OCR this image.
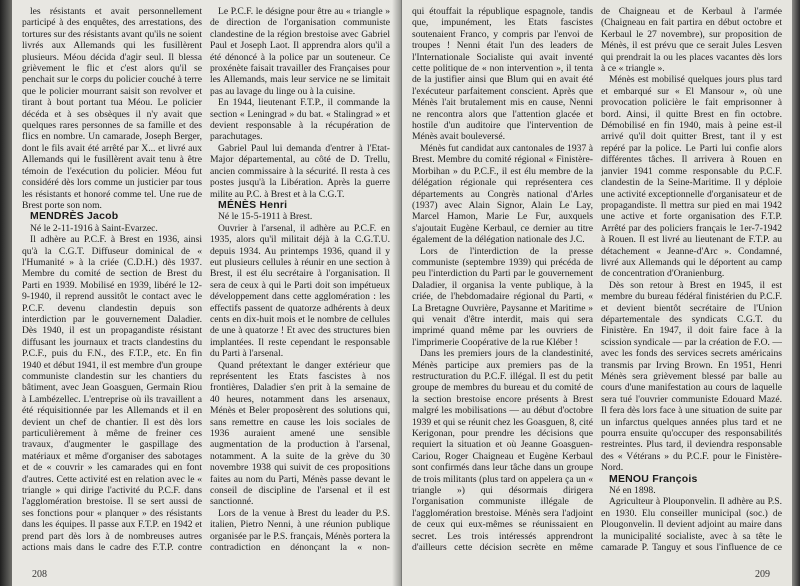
les résistants et avait personnellement participé à des enquêtes, des arrestations, des tortures sur des résistants avant qu'ils ne soient livrés aux Allemands qui les fusillèrent plusieurs. Méou décida d'agir seul. Il blessa grièvement le flic et c'est alors qu'il se penchait sur le corps du policier couché à terre que le policier mourrant saisit son revolver et tirant à bout portant tua Méou. Le policier décéda et à ses obsèques il n'y avait que quelques rares personnes de sa famille et des flics en nombre. Un camarade, Joseph Berger, dont le fils avait été arrêté par X... et livré aux Allemands qui le fusillèrent avait tenu à être témoin de l'exécution du policier. Méou fut considéré dès lors comme un justicier par tous les résistants et honoré comme tel. Une rue de Brest porte son nom.

MENDRÈS Jacob

Né le 2-11-1916 à Saint-Evarzec.

Il adhère au P.C.F. à Brest en 1936, ainsi qu'à la C.G.T. Diffuseur dominical de « l'Humanité » à la criée (C.D.H.) dès 1937. Membre du comité de section de Brest du Parti en 1939. Mobilisé en 1939, libéré le 12-9-1940, il reprend aussitôt le contact avec le P.C.F. devenu clandestin depuis son interdiction par le gouvernement Daladier. Dès 1940, il est un propagandiste résistant diffusant les journaux et tracts clandestins du P.C.F., puis du F.N., des F.T.P., etc. En fin 1940 et début 1941, il est membre d'un groupe communiste clandestin sur les chantiers du bâtiment, avec Jean Goasguen, Germain Riou à Lambézellec. L'entreprise où ils travaillent a été réquisitionnée par les Allemands et il en devient un chef de chantier. Il est dès lors particulièrement à même de freiner ces travaux, d'augmenter le gaspillage des matériaux et même d'organiser des sabotages et de « couvrir » les camarades qui en font d'autres. Cette activité est en relation avec le « triangle » qui dirige l'activité du P.C.F. dans l'agglomération brestoise. Il se sert aussi de ses fonctions pour « planquer » des résistants dans les équipes. Il passe aux F.T.P. en 1942 et prend part dès lors à de nombreuses autres actions mais dans le cadre des F.T.P. contre

Le P.C.F. le désigne pour être au « triangle » de direction de l'organisation communiste clandestine de la région brestoise avec Gabriel Paul et Joseph Laot. Il apprendra alors qu'il a été dénoncé à la police par un souteneur. Ce proxénète faisait travailler des Françaises pour les Allemands, mais leur service ne se limitait pas au lavage du linge ou à la cuisine.

En 1944, lieutenant F.T.P., il commande la section « Leningrad » du bat. « Stalingrad » et devient responsable à la récupération de parachutages.

Gabriel Paul lui demanda d'entrer à l'Etat-Major départemental, au côté de D. Trellu, ancien commissaire à la sécurité. Il resta à ces postes jusqu'à la Libération. Après la guerre milite au P.C. à Brest et à la C.G.T.

MÉNÈS Henri

Né le 15-5-1911 à Brest.

Ouvrier à l'arsenal, il adhère au P.C.F. en 1935, alors qu'il militait déjà à la C.G.T.U. depuis 1934. Au printemps 1936, quand il y eut plusieurs cellules à réunir en une section à Brest, il est élu secrétaire à l'organisation. Il sera de ceux à qui le Parti doit son impétueux développement dans cette agglomération : les effectifs passent de quatorze adhérents à deux cents en dix-huit mois et le nombre de cellules de une à quatorze ! Et avec des structures bien implantées. Il reste cependant le responsable du Parti à l'arsenal.

Quand prétextant le danger extérieur que représentent les Etats fascistes à nos frontières, Daladier s'en prit à la semaine de 40 heures, notamment dans les arsenaux, Ménès et Beler proposèrent des solutions qui, sans remettre en cause les lois sociales de 1936 auraient amené une sensible augmentation de la production à l'arsenal, notamment. A la suite de la grève du 30 novembre 1938 qui suivit de ces propositions faites au nom du Parti, Ménès passe devant le conseil de discipline de l'arsenal et il est sanctionné.

Lors de la venue à Brest du leader du P.S. italien, Pietro Nenni, à une réunion publique organisée par le P.S. français, Ménès portera la contradiction en dénonçant la « non-

208

qui étouffait la république espagnole, tandis que, impunément, les Etats fascistes soutenaient Franco, y compris par l'envoi de troupes ! Nenni était l'un des leaders de l'Internationale Socialiste qui avait inventé cette politique de « non intervention », il tenta de la justifier ainsi que Blum qui en avait été l'exécuteur parfaitement conscient. Après que Ménès l'ait brutalement mis en cause, Nenni ne rencontra alors que l'attention glacée et hostile d'un auditoire que l'intervention de Ménès avait bouleversé.

Ménès fut candidat aux cantonales de 1937 à Brest. Membre du comité régional « Finistère-Morbihan » du P.C.F., il est élu membre de la délégation régionale qui représentera ces départements au Congrès national d'Arles (1937) avec Alain Signor, Alain Le Lay, Marcel Hamon, Marie Le Fur, auxquels s'ajoutait Eugène Kerbaul, ce dernier au titre également de la délégation nationale des J.C.

Lors de l'interdiction de la presse communiste (septembre 1939) qui précéda de peu l'interdiction du Parti par le gouvernement Daladier, il organisa la vente publique, à la criée, de l'hebdomadaire régional du Parti, « La Bretagne Ouvrière, Paysanne et Maritime » qui venait d'être interdit, mais qui sera imprimé quand même par les ouvriers de l'imprimerie Coopérative de la rue Kléber !

Dans les premiers jours de la clandestinité, Ménès participe aux premiers pas de la restructuration du P.C.F. illégal. Il est du petit groupe de membres du bureau et du comité de la section brestoise encore présents à Brest malgré les mobilisations — au début d'octobre 1939 et qui se réunit chez les Goasguen, 8, cité Kerigonan, pour prendre les décisions que requiert la situation et où Jeanne Goasguen-Cariou, Roger Chaigneau et Eugène Kerbaul sont confirmés dans leur tâche dans un groupe de trois militants (plus tard on appelera ça un « triangle ») qui désormais dirigera l'organisation communiste illégale de l'agglomération brestoise. Ménès sera l'adjoint de ceux qui eux-mêmes se réunissaient en secret. Les trois intéressés apprendront d'ailleurs cette décision secrète en même

de Chaigneau et de Kerbaul à l'armée (Chaigneau en fait partira en début octobre et Kerbaul le 27 novembre), sur proposition de Ménès, il est prévu que ce serait Jules Lesven qui prendrait la ou les places vacantes dès lors à ce « triangle ».

Ménès est mobilisé quelques jours plus tard et embarqué sur « El Mansour », où une provocation policière le fait emprisonner à bord. Ainsi, il quitte Brest en fin octobre. Démobilisé en fin 1940, mais à peine est-il arrivé qu'il doit quitter Brest, tant il y est repéré par la police. Le Parti lui confie alors différentes tâches. Il arrivera à Rouen en janvier 1941 comme responsable du P.C.F. clandestin de la Seine-Maritime. Il y déploie une activité exceptionnelle d'organisateur et de propagandiste. Il mettra sur pied en mai 1942 une active et forte organisation des F.T.P. Arrêté par des policiers français le 1er-7-1942 à Rouen. Il est livré au lieutenant de F.T.P. au détachement « Jeanne-d'Arc ». Condamné, livré aux Allemands qui le déportent au camp de concentration d'Oranienburg.

Dès son retour à Brest en 1945, il est membre du bureau fédéral finistérien du P.C.F. et devient bientôt secrétaire de l'Union départementale des syndicats C.G.T. du Finistère. En 1947, il doit faire face à la scission syndicale — par la création de F.O. — avec les fonds des services secrets américains transmis par Irving Brown. En 1951, Henri Ménès sera grièvement blessé par balle au cours d'une manifestation au cours de laquelle sera tué l'ouvrier communiste Edouard Mazé. Il fera dès lors face à une situation de suite par un infarctus quelques années plus tard et ne pourra ensuite qu'occuper des responsabilités restreintes. Plus tard, il deviendra responsable des « Vétérans » du P.C.F. pour le Finistère-Nord.

MENOU François

Né en 1898.

Agriculteur à Plouponvelin. Il adhère au P.S. en 1930. Elu conseiller municipal (soc.) de Plougonvelin. Il devient adjoint au maire dans la municipalité socialiste, avec à sa tête le camarade P. Tanguy et sous l'influence de ce

209
